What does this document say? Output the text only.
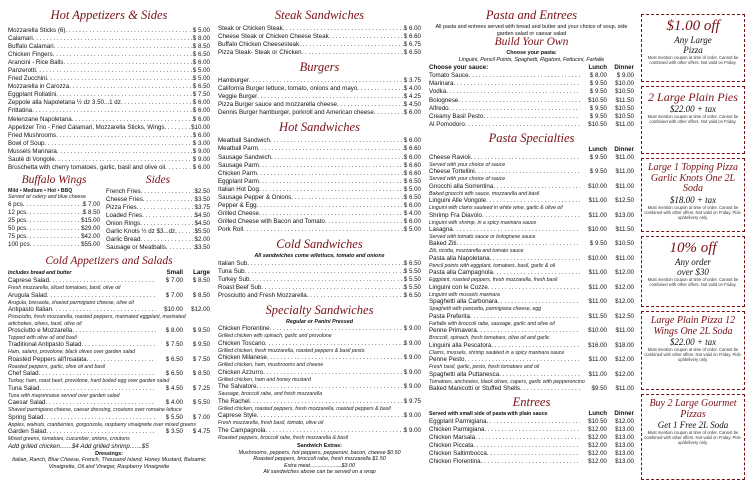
Hot Appetizers & Sides
Mozzarella Sticks (6) . . .	$ 5.00
Calamari . . .	$ 8.00
Buffalo Calamari . . .	$ 8.50
Chicken Fingers . . .	$ 6.50
Arancini - Rice Balls . . .	$ 6.00
Panzerotti . . .	$ 5.00
Fried Zucchini . . .	$ 5.00
Mozzarella in Carozza . . .	$ 6.50
Eggplant Rollatini . . .	$ 7.50
Zeppole alla Napoletana ½ dz 3.50...1 dz . . .	$ 6.00
Frittatina . . .	$ 6.00
Melenzane Napoletana . . .	$ 6.00
Appetizer Trio - Fried Calamari, Mozzarella Sticks, Wings . . .	$10.00
Fried Mushrooms . . .	$ 6.00
Bowl of Soup . . .	$ 3.00
Mussels Marinara . . .	$ 9.00
Sauté di Vongole . . .	$ 9.00
Bruschetta with cherry tomatoes, garlic, basil and olive oil . . .	$ 6.00
Buffalo Wings
Mild • Medium • Hot • BBQ
Served w/ celery and blue cheese
6 pcs . . .	$ 7.00
12 pcs . . .	$ 8.50
25 pcs . . .	$15.00
50 pcs . . .	$29.00
75 pcs . . .	$42.00
100 pcs . . .	$55.00
Sides
French Fries . . .	$2.50
Cheese Fries . . .	$3.50
Pizza Fries . . .	$3.75
Loaded Fries . . .	$4.50
Onion Rings . . .	$4.50
Garlic Knots ½ dz $3...dz . . .	$5.50
Garlic Bread . . .	$2.00
Sausage or Meatballs . . .	$3.50
Cold Appetizers and Salads
Includes bread and butter	Small	Large
Caprese Salad . . .	$ 7.00	$ 8.50
Fresh mozzarella, sliced tomatoes, basil, olive oil
Arugula Salad . . .	$ 7.00	$ 8.50
Arugula, bresaola, shaved parmigiano cheese, olive oil
Antipasto Italian . . .	$10.00	$12.00
Prosciutto, fresh mozzarella, roasted peppers, marinated eggplant, marinated artichokes, olives, basil, olive oil
Prosciutto e Mozzarella . . .	$ 8.00	$ 9.50
Topped with olive oil and basil
Traditional Antipasto Salad . . .	$ 7.50	$ 9.50
Ham, salami, provolone, black olives over garden salad
Roasted Peppers all'Insalata . . .	$ 6.50	$ 7.50
Roasted peppers, garlic, olive oil and basil
Chef Salad . . .	$ 6.50	$ 8.50
Turkey, ham, roast beef, provolone, hard boiled egg over garden salad
Tuna Salad . . .	$ 4.50	$ 7.25
Tuna with mayonnaise served over garden salad
Caesar Salad . . .	$ 4.00	$ 5.50
Shaved parmigiano cheese, caesar dressing, croutons over romaine lettuce
Spring Salad . . .	$ 5.50	$ 7.00
Apples, walnuts, cranberries, gorgonzola, raspberry vinaigrette over mixed greens
Garden Salad . . .	$ 3.50	$ 4.75
Mixed greens, tomatoes, cucumber, onions, croutons
Add grilled chicken.......$4 Add grilled shrimp.......$5
Dressings:
Italian, Ranch, Blue Cheese, French, Thousand Island, Honey Mustard, Balsamic Vinaigrette, Oil and Vinegar, Raspberry Vinaigrette
Steak Sandwiches
Steak or Chicken Steak . . .	$ 6.00
Cheese Steak or Chicken Cheese Steak . . .	$ 6.60
Buffalo Chicken Cheesesteak . . .	$ 6.75
Pizza Steak- Steak or Chicken . . .	$ 6.50
Burgers
Hamburger . . .	$ 3.75
California Burger lettuce, tomato, onions and mayo . . .	$ 4.00
Veggie Burger . . .	$ 4.25
Pizza Burger sauce and mozzarella cheese . . .	$ 4.50
Dennis Burger hamburger, porkroll and American cheese . . .	$ 6.00
Hot Sandwiches
Meatball Sandwich . . .	$ 6.00
Meatball Parm . . .	$ 6.60
Sausage Sandwich . . .	$ 6.00
Sausage Parm . . .	$ 6.60
Chicken Parm . . .	$ 6.60
Eggplant Parm . . .	$ 6.50
Italian Hot Dog . . .	$ 5.00
Sausage Pepper & Onions . . .	$ 6.50
Pepper & Egg . . .	$ 6.00
Grilled Cheese . . .	$ 4.00
Grilled Cheese with Bacon and Tomato . . .	$ 6.00
Pork Roll . . .	$ 5.00
Cold Sandwiches
All sandwiches come w/lettuce, tomato and onions
Italian Sub . . .	$ 6.50
Tuna Sub . . .	$ 5.50
Turkey Sub . . .	$ 5.50
Roast Beef Sub . . .	$ 5.50
Prosciutto and Fresh Mozzarella . . .	$ 6.50
Specialty Sandwiches
Regular or Panini Pressed
Chicken Florentine . . .	$ 9.00
Grilled chicken with spinach, garlic and provolone
Chicken Toscano . . .	$ 9.00
Grilled chicken, fresh mozzarella, roasted peppers & basil pesto
Chicken Milanese . . .	$ 9.00
Grilled chicken, ham, mushrooms and cheese
Chicken Azzurro . . .	$ 9.00
Grilled chicken, ham and honey mustard
The Salvatore . . .	$ 9.00
Sausage, broccoli rabe, and fresh mozzarella
The Rachel . . .	$ 9.75
Grilled chicken, roasted peppers, fresh mozzarella, roasted peppers & basil
Caprese Style . . .	$ 9.00
Fresh mozzarella, fresh basil, tomato, olive oil
The Campagnola . . .	$ 9.00
Roasted peppers, broccoli rabe, fresh mozzarella & basil
Sandwich Extras:
Mushrooms, peppers, hot peppers, pepperoni, bacon, cheese $0.50
Roasted peppers, broccoli rabe, fresh mozzarella $1.50
Extra meat.....................$3.00
All sandwiches above can be served on a wrap
Pasta and Entrees
All pasta and entrees served with bread and butter and your choice of soup, side garden salad or caesar salad
Build Your Own
Choose your pasta:
Linguini, Pencil Points, Spaghetti, Rigatoni, Fettucini, Farfalle
Choose your sauce:	Lunch	Dinner
Tomato Sauce . . .	$ 8.00	$ 9.00
Marinara . . .	$ 9.50	$10.00
Vodka . . .	$ 9.50	$10.50
Bolognese . . .	$10.50	$11.50
Alfredo . . .	$ 9.50	$10.50
Creamy Basil Pesto . . .	$ 9.50	$10.50
Al Pomodoro . . .	$10.50	$11.00
Pasta Specialties
Lunch	Dinner
Cheese Ravioli . . .	$ 9.50	$11.00
Served with your choice of sauce
Cheese Tortellini . . .	$ 9.50	$11.00
Served with your choice of sauce
Gnocchi alla Sorrentina . . .	$10.00	$11.00
Baked gnocchi with sauce, mozzarella and basil
Linguini Alle Vongole . . .	$11.00	$12.50
Linguini with clams sauteed in white wine, garlic & olive oil
Shrimp Fra Diavolo . . .	$11.00	$13.00
Linguini with shrimp, in a spicy marinara sauce
Lasagna . . .	$10.00	$11.50
Served with tomato sauce or bolognese sauce
Baked Ziti . . .	$ 9.50	$10.50
Ziti, ricotta, mozzarella and tomato sauce
Pasta alla Napoletana . . .	$10.00	$11.00
Pencil points with eggplant, tomatoes, basil, garlic & oil
Pasta alla Campagnola . . .	$11.00	$12.00
Eggplant, roasted peppers, fresh mozzarella, fresh basil
Linguini con le Cozze . . .	$11.00	$12.00
Linguini with mussels marinara
Spaghetti alla Carbonara . . .	$11.00	$12.00
Spaghetti with pancetta, parmigiana cheese, egg
Pasta Preferita . . .	$11.50	$12.50
Farfalle with broccoli rabe, sausage, garlic and olive oil
Penne Primavera . . .	$10.00	$11.00
Broccoli, spinach, fresh tomatoes, olive oil and garlic
Linguini alla Pescatora . . .	$16.00	$18.00
Clams, mussels, shrimp sautéed in a spicy marinara sauce
Penne Pesto . . .	$11.00	$12.00
Fresh basil, garlic, pesto, fresh tomatoes and oil
Spaghetti alla Puttanesca . . .	$11.00	$12.00
Tomatoes, anchovies, black olives, capers, garlic with pepperoncino
Baked Manicotti or Stuffed Shells . . .	$9.50	$11.00
Entrees
Served with small side of pasta with plain sauce	Lunch	Dinner
Eggplant Parmigiana . . .	$10.50	$12.00
Chicken Parmigiana . . .	$12.00	$13.00
Chicken Marsala . . .	$12.00	$13.00
Chicken Piccata . . .	$12.00	$13.00
Chicken Saltimbocca . . .	$12.00	$13.00
Chicken Florentina . . .	$12.00	$13.00
$1.00 off
Any Large
Pizza
Must mention coupon at time of order. Cannot be combined with other offers. Not valid on Friday.
2 Large Plain Pies
$22.00 + tax
Must mention coupon at time of order. Cannot be combined with other offers. Not valid on Friday.
Large 1 Topping Pizza Garlic Knots One 2L Soda
$18.00 + tax
Must mention coupon at time of order. Cannot be combined with other offers. Not valid on Friday. Pick-up/delivery only.
10% off
Any order
over $30
Must mention coupon at time of order. Cannot be combined with other offers. Not valid on Friday.
Large Plain Pizza 12 Wings One 2L Soda
$22.00 + tax
Must mention coupon at time of order. Cannot be combined with other offers. Not valid on Friday. Pick-up/delivery only.
Buy 2 Large Gourmet Pizzas
Get 1 Free 2L Soda
Must mention coupon at time of order. Cannot be combined with other offers. Not valid on Friday. Pick-up/delivery only.
